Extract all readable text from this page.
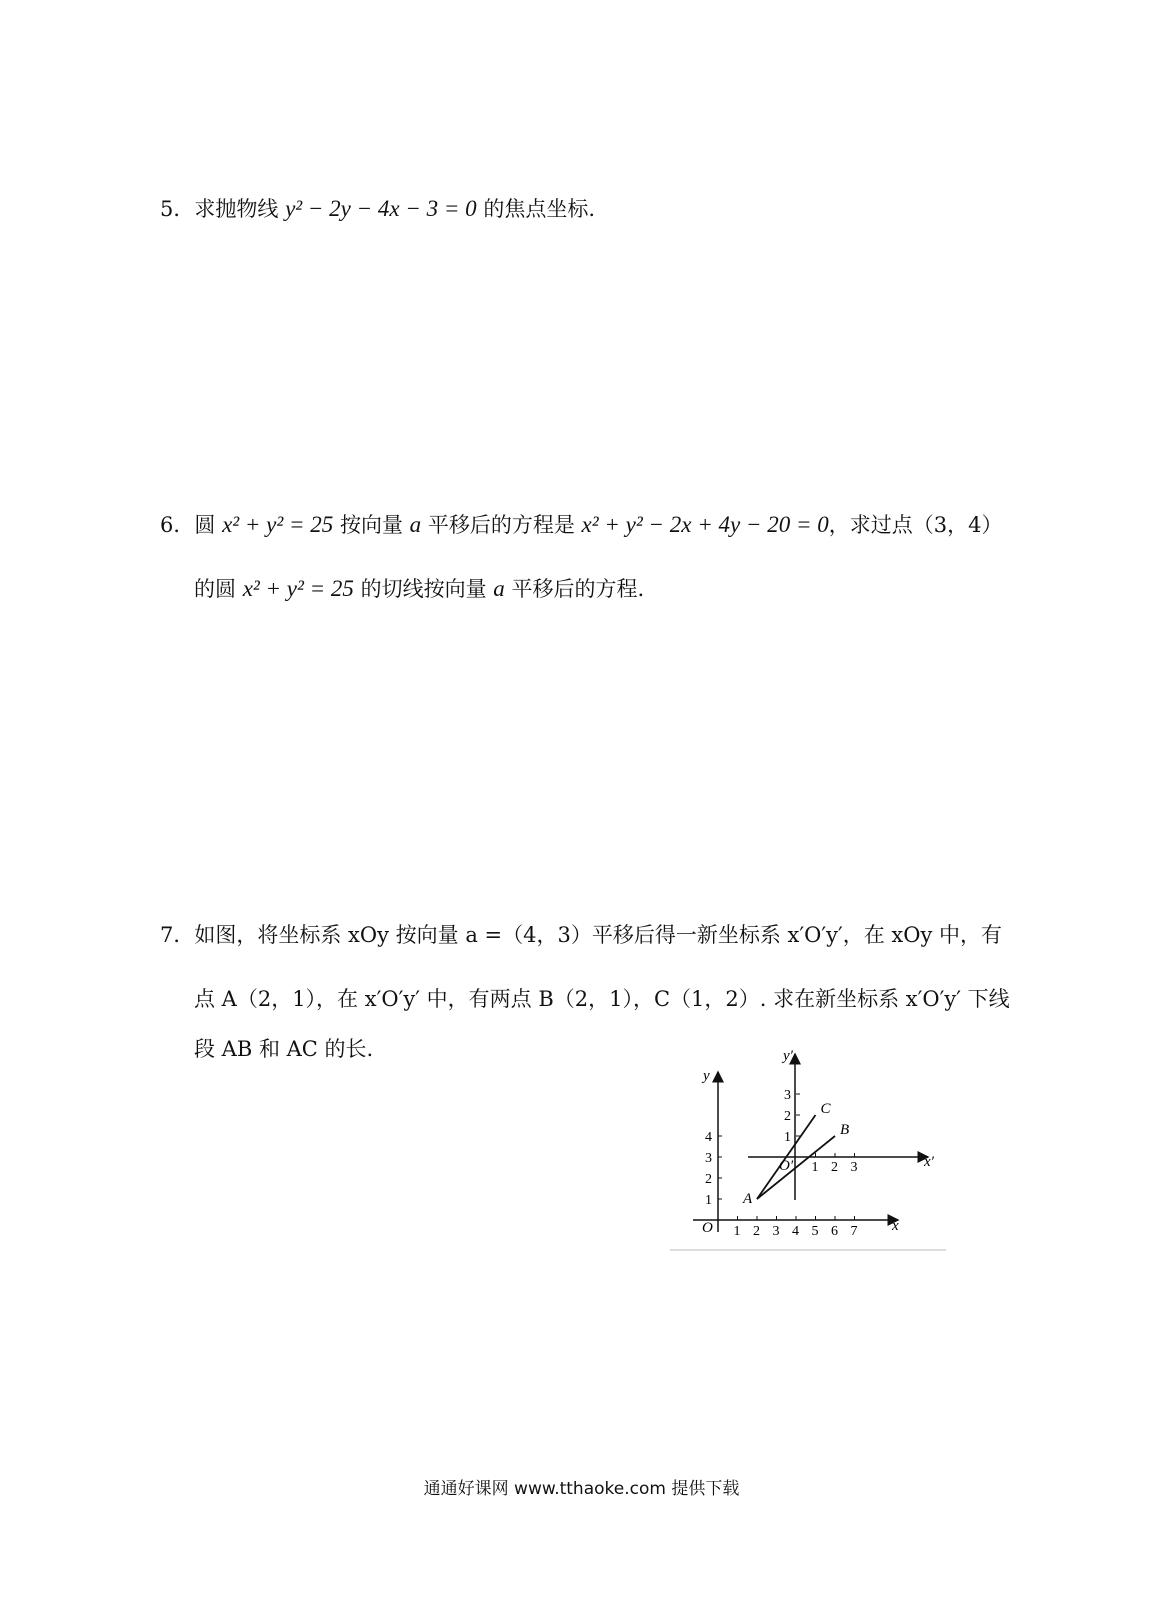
5．求抛物线 y² − 2y − 4x − 3 = 0 的焦点坐标.
6．圆 x² + y² = 25 按向量 a 平移后的方程是 x² + y² − 2x + 4y − 20 = 0，求过点（3，4）
的圆 x² + y² = 25 的切线按向量 a 平移后的方程.
7．如图，将坐标系 xOy 按向量 a =（4，3）平移后得一新坐标系 x′O′y′，在 xOy 中，有
点 A（2，1），在 x′O′y′ 中，有两点 B（2，1），C（1，2）. 求在新坐标系 x′O′y′ 下线
段 AB 和 AC 的长.
1 2 3 4 5 6 7
1
2
3
4
1 2 3
1
2
3
A
B
C
x
y
O
x′
y′
O′
通通好课网 www.tthaoke.com 提供下载
